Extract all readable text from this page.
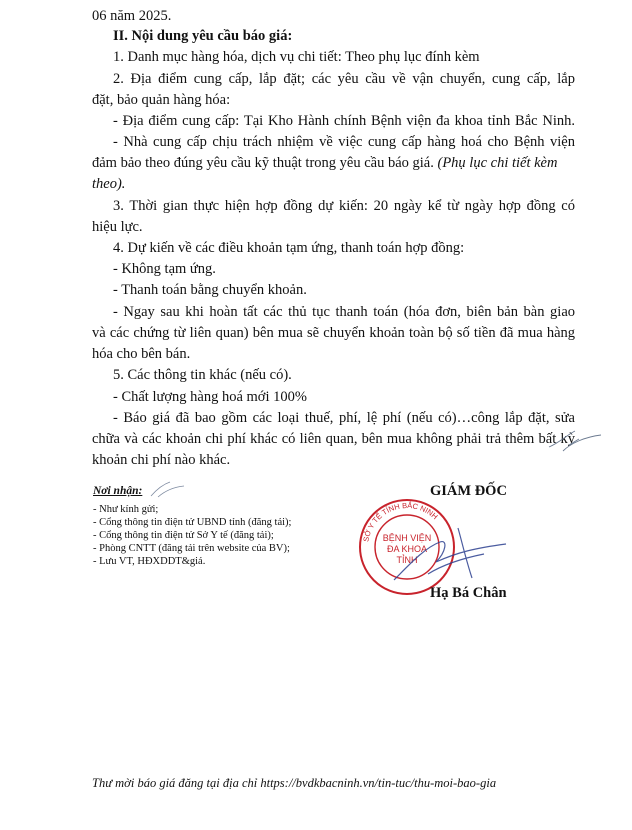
06 năm 2025.
II. Nội dung yêu cầu báo giá:
1. Danh mục hàng hóa, dịch vụ chi tiết: Theo phụ lục đính kèm
2. Địa điểm cung cấp, lắp đặt; các yêu cầu về vận chuyển, cung cấp, lắp
đặt, bảo quản hàng hóa:
- Địa điểm cung cấp: Tại Kho Hành chính Bệnh viện đa khoa tỉnh Bắc Ninh.
- Nhà cung cấp chịu trách nhiệm về việc cung cấp hàng hoá cho Bệnh viện
đảm bảo theo đúng yêu cầu kỹ thuật trong yêu cầu báo giá. (Phụ lục chi tiết kèm
theo).
3. Thời gian thực hiện hợp đồng dự kiến: 20 ngày kể từ ngày hợp đồng có
hiệu lực.
4. Dự kiến về các điều khoản tạm ứng, thanh toán hợp đồng:
- Không tạm ứng.
- Thanh toán bằng chuyển khoản.
- Ngay sau khi hoàn tất các thủ tục thanh toán (hóa đơn, biên bản bàn giao
và các chứng từ liên quan) bên mua sẽ chuyển khoản toàn bộ số tiền đã mua hàng
hóa cho bên bán.
5. Các thông tin khác (nếu có).
- Chất lượng hàng hoá mới 100%
- Báo giá đã bao gồm các loại thuế, phí, lệ phí (nếu có)…công lắp đặt, sửa
chữa và các khoản chi phí khác có liên quan, bên mua không phải trả thêm bất kỳ
khoản chi phí nào khác.
Nơi nhận:
- Như kính gửi;
- Cổng thông tin điện tử UBND tỉnh (đăng tải);
- Cổng thông tin điện tử Sở Y tế (đăng tải);
- Phòng CNTT (đăng tải trên website của BV);
- Lưu VT, HĐXDDT&giá.
GIÁM ĐỐC
SỞ Y TẾ TỈNH BẮC NINH
BỆNH VIỆN
ĐA KHOA
TỈNH
Hạ Bá Chân
Thư mời báo giá đăng tại địa chỉ https://bvdkbacninh.vn/tin-tuc/thu-moi-bao-gia
